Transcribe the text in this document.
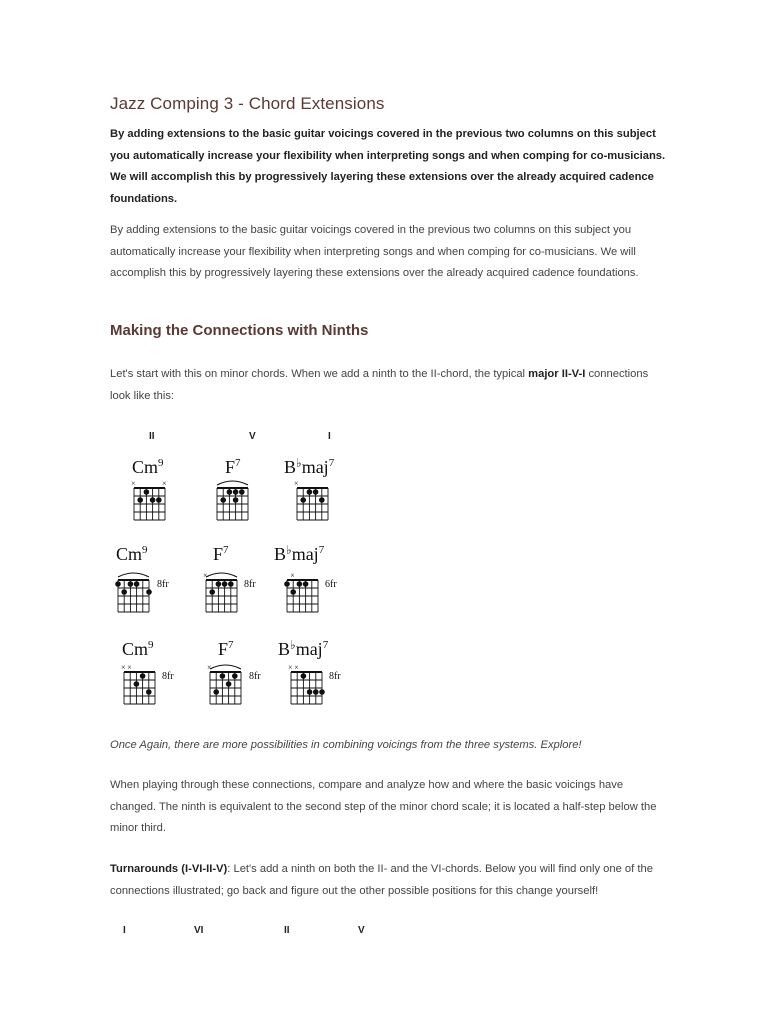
Jazz Comping 3 - Chord Extensions
By adding extensions to the basic guitar voicings covered in the previous two columns on this subject you automatically increase your flexibility when interpreting songs and when comping for co-musicians. We will accomplish this by progressively layering these extensions over the already acquired cadence foundations.
By adding extensions to the basic guitar voicings covered in the previous two columns on this subject you automatically increase your flexibility when interpreting songs and when comping for co-musicians. We will accomplish this by progressively layering these extensions over the already acquired cadence foundations.
Making the Connections with Ninths
Let's start with this on minor chords. When we add a ninth to the II-chord, the typical major II-V-I connections look like this:
II	V	I
$Cm^9$
×	×
$F^7$ B♭maj$^7$
×
$Cm^9$
8fr
$F^7$
×
8fr
B♭maj$^7$
×
6fr
$Cm^9$
× ×
8fr
$F^7$
×
8fr
B♭maj$^7$
× ×
8fr
Once Again, there are more possibilities in combining voicings from the three systems. Explore!
When playing through these connections, compare and analyze how and where the basic voicings have changed. The ninth is equivalent to the second step of the minor chord scale; it is located a half-step below the minor third.
Turnarounds (I-VI-II-V): Let's add a ninth on both the II- and the VI-chords. Below you will find only one of the connections illustrated; go back and figure out the other possible positions for this change yourself!
I	VI	II	V
